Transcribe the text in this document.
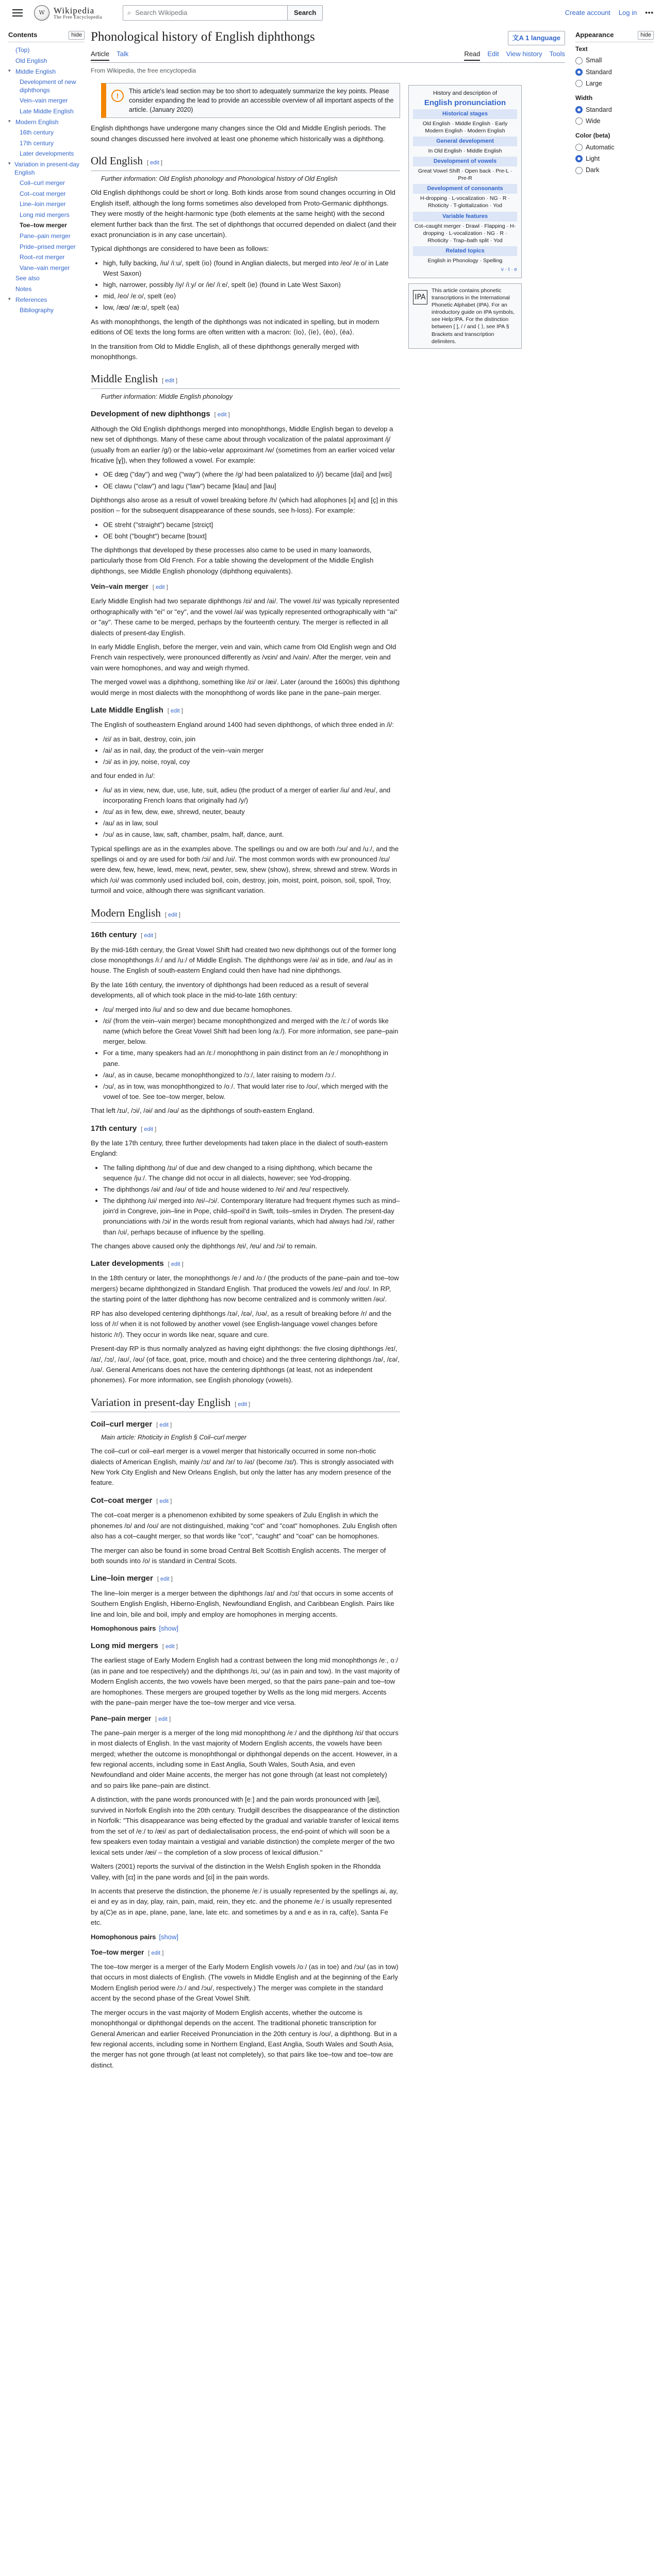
W	Wikipedia
The Free Encyclopedia
⌕ Search Wikipedia	Search	Create account Log in •••
Contents	hide
(Top)
Old English
▾ Middle English
Development of new diphthongs
Vein–vain merger
Late Middle English
▾ Modern English
16th century
17th century
Later developments
▾ Variation in present-day English
Coil–curl merger
Cot–coat merger
Line–loin merger
Long mid mergers
Toe–tow merger
Pane–pain merger
Pride–prised merger
Root–rot merger
Vane–vain merger
See also
Notes
▾ References
Bibliography
Phonological history of English diphthongs	文A 1 language
Article Talk	Read Edit View history Tools
From Wikipedia, the free encyclopedia
!
This article's lead section may be too short to adequately summarize the key points. Please consider expanding the lead to provide an accessible overview of all important aspects of the article. (January 2020)

English diphthongs have undergone many changes since the Old and Middle English periods. The sound changes discussed here involved at least one phoneme which historically was a diphthong.

Old English [ edit ]
Further information: Old English phonology and Phonological history of Old English

Old English diphthongs could be short or long. Both kinds arose from sound changes occurring in Old English itself, although the long forms sometimes also developed from Proto-Germanic diphthongs. They were mostly of the height-harmonic type (both elements at the same height) with the second element further back than the first. The set of diphthongs that occurred depended on dialect (and their exact pronunciation is in any case uncertain).

Typical diphthongs are considered to have been as follows:

• high, fully backing, /iu/ /iːu/, spelt ⟨io⟩ (found in Anglian dialects, but merged into /eo/ /eːo/ in Late West Saxon)
• high, narrower, possibly /iy/ /iːy/ or /ie/ /iːe/, spelt ⟨ie⟩ (found in Late West Saxon)
• mid, /eo/ /eːo/, spelt ⟨eo⟩
• low, /æɑ/ /æːɑ/, spelt ⟨ea⟩

As with monophthongs, the length of the diphthongs was not indicated in spelling, but in modern editions of OE texts the long forms are often written with a macron: ⟨īo⟩, ⟨īe⟩, ⟨ēo⟩, ⟨ēa⟩.

In the transition from Old to Middle English, all of these diphthongs generally merged with monophthongs.

Middle English [ edit ]
Further information: Middle English phonology
Development of new diphthongs [ edit ]

Although the Old English diphthongs merged into monophthongs, Middle English began to develop a new set of diphthongs. Many of these came about through vocalization of the palatal approximant /j/ (usually from an earlier /ɡ/) or the labio-velar approximant /w/ (sometimes from an earlier voiced velar fricative [ɣ]), when they followed a vowel. For example:

• OE dæɡ ("day") and weɡ ("way") (where the /ɡ/ had been palatalized to /j/) became [dai] and [wɛi]
• OE clawu ("claw") and laɡu ("law") became [klau] and [lau]

Diphthongs also arose as a result of vowel breaking before /h/ (which had allophones [x] and [ç] in this position – for the subsequent disappearance of these sounds, see h-loss). For example:

• OE streht ("straight") became [strɛiçt]
• OE boht ("bought") became [bɔuxt]

The diphthongs that developed by these processes also came to be used in many loanwords, particularly those from Old French. For a table showing the development of the Middle English diphthongs, see Middle English phonology (diphthong equivalents).

Vein–vain merger [ edit ]

Early Middle English had two separate diphthongs /ɛi/ and /ai/. The vowel /ɛi/ was typically represented orthographically with "ei" or "ey", and the vowel /ai/ was typically represented orthographically with "ai" or "ay". These came to be merged, perhaps by the fourteenth century. The merger is reflected in all dialects of present-day English.

In early Middle English, before the merger, vein and vain, which came from Old English wegn and Old French vain respectively, were pronounced differently as /vɛin/ and /vain/. After the merger, vein and vain were homophones, and way and weigh rhymed.

The merged vowel was a diphthong, something like /ɛi/ or /æi/. Later (around the 1600s) this diphthong would merge in most dialects with the monophthong of words like pane in the pane–pain merger.

Late Middle English [ edit ]

The English of southeastern England around 1400 had seven diphthongs, of which three ended in /i/:

• /ɛi/ as in bait, destroy, coin, join
• /ai/ as in nail, day, the product of the vein–vain merger
• /ɔi/ as in joy, noise, royal, coy

and four ended in /u/:

• /iu/ as in view, new, due, use, lute, suit, adieu (the product of a merger of earlier /iu/ and /eu/, and incorporating French loans that originally had /y/)
• /ɛu/ as in few, dew, ewe, shrewd, neuter, beauty
• /au/ as in law, soul
• /ɔu/ as in cause, law, saft, chamber, psalm, half, dance, aunt.

Typical spellings are as in the examples above. The spellings ou and ow are both /ɔu/ and /uː/, and the spellings oi and oy are used for both /ɔi/ and /ʊi/. The most common words with ew pronounced /ɛu/ were dew, few, hewe, lewd, mew, newt, pewter, sew, shew (show), shrew, shrewd and strew. Words in which /ʊi/ was commonly used included boil, coin, destroy, join, moist, point, poison, soil, spoil, Troy, turmoil and voice, although there was significant variation.

Modern English [ edit ]
16th century [ edit ]

By the mid-16th century, the Great Vowel Shift had created two new diphthongs out of the former long close monophthongs /iː/ and /uː/ of Middle English. The diphthongs were /əi/ as in tide, and /əu/ as in house. The English of south-eastern England could then have had nine diphthongs.

By the late 16th century, the inventory of diphthongs had been reduced as a result of several developments, all of which took place in the mid-to-late 16th century:

• /ɛu/ merged into /iu/ and so dew and due became homophones.
• /ɛi/ (from the vein–vain merger) became monophthongized and merged with the /ɛː/ of words like name (which before the Great Vowel Shift had been long /aː/). For more information, see pane–pain merger, below.
• For a time, many speakers had an /ɛː/ monophthong in pain distinct from an /eː/ monophthong in pane.
• /au/, as in cause, became monophthongized to /ɔː/, later raising to modern /ɔː/.
• /ɔu/, as in tow, was monophthongized to /oː/. That would later rise to /oʊ/, which merged with the vowel of toe. See toe–tow merger, below.

That left /ɪu/, /ɔi/, /əi/ and /əu/ as the diphthongs of south-eastern England.

17th century [ edit ]

By the late 17th century, three further developments had taken place in the dialect of south-eastern England:

• The falling diphthong /ɪu/ of due and dew changed to a rising diphthong, which became the sequence /juː/. The change did not occur in all dialects, however; see Yod-dropping.
• The diphthongs /əi/ and /əu/ of tide and house widened to /ɐi/ and /ɐu/ respectively.
• The diphthong /ʊi/ merged into /ɐi/–/ɔi/. Contemporary literature had frequent rhymes such as mind–join'd in Congreve, join–line in Pope, child–spoil'd in Swift, toils–smiles in Dryden. The present-day pronunciations with /ɔi/ in the words result from regional variants, which had always had /ɔi/, rather than /ʊi/, perhaps because of influence by the spelling.

The changes above caused only the diphthongs /ɐi/, /ɐu/ and /ɔi/ to remain.

Later developments [ edit ]

In the 18th century or later, the monophthongs /eː/ and /oː/ (the products of the pane–pain and toe–tow mergers) became diphthongized in Standard English. That produced the vowels /eɪ/ and /oʊ/. In RP, the starting point of the latter diphthong has now become centralized and is commonly written /əʊ/.

RP has also developed centering diphthongs /ɪə/, /ɛə/, /ʊə/, as a result of breaking before /r/ and the loss of /r/ when it is not followed by another vowel (see English-language vowel changes before historic /r/). They occur in words like near, square and cure.

Present-day RP is thus normally analyzed as having eight diphthongs: the five closing diphthongs /eɪ/, /aɪ/, /ɔɪ/, /aʊ/, /əʊ/ (of face, goat, price, mouth and choice) and the three centering diphthongs /ɪə/, /ɛə/, /ʊə/. General Americans does not have the centering diphthongs (at least, not as independent phonemes). For more information, see English phonology (vowels).

Variation in present-day English [ edit ]
Coil–curl merger [ edit ]
Main article: Rhoticity in English § Coil–curl merger

The coil–curl or coil–earl merger is a vowel merger that historically occurred in some non-rhotic dialects of American English, mainly /ɔɪ/ and /ɜr/ to /əɪ/ (become /ɜɪ/). This is strongly associated with New York City English and New Orleans English, but only the latter has any modern presence of the feature.

Cot–coat merger [ edit ]

The cot–coat merger is a phenomenon exhibited by some speakers of Zulu English in which the phonemes /ɒ/ and /oʊ/ are not distinguished, making "cot" and "coat" homophones. Zulu English often also has a cot–caught merger, so that words like "cot", "caught" and "coat" can be homophones.

The merger can also be found in some broad Central Belt Scottish English accents. The merger of both sounds into /o/ is standard in Central Scots.

Line–loin merger [ edit ]

The line–loin merger is a merger between the diphthongs /aɪ/ and /ɔɪ/ that occurs in some accents of Southern English English, Hiberno-English, Newfoundland English, and Caribbean English. Pairs like line and loin, bile and boil, imply and employ are homophones in merging accents.

Homophonous pairs [show]
Long mid mergers [ edit ]

The earliest stage of Early Modern English had a contrast between the long mid monophthongs /eː, oː/ (as in pane and toe respectively) and the diphthongs /ɛi, ɔu/ (as in pain and tow). In the vast majority of Modern English accents, the two vowels have been merged, so that the pairs pane–pain and toe–tow are homophones. These mergers are grouped together by Wells as the long mid mergers. Accents with the pane–pain merger have the toe–tow merger and vice versa.

Pane–pain merger [ edit ]

The pane–pain merger is a merger of the long mid monophthong /eː/ and the diphthong /ɛi/ that occurs in most dialects of English. In the vast majority of Modern English accents, the vowels have been merged; whether the outcome is monophthongal or diphthongal depends on the accent. However, in a few regional accents, including some in East Anglia, South Wales, South Asia, and even Newfoundland and older Maine accents, the merger has not gone through (at least not completely) and so pairs like pane–pain are distinct.

A distinction, with the pane words pronounced with [eː] and the pain words pronounced with [æi], survived in Norfolk English into the 20th century. Trudgill describes the disappearance of the distinction in Norfolk: "This disappearance was being effected by the gradual and variable transfer of lexical items from the set of /eː/ to /æi/ as part of dedialectalisation process, the end-point of which will soon be a few speakers even today maintain a vestigial and variable distinction) the complete merger of the two lexical sets under /æi/ – the completion of a slow process of lexical diffusion."

Walters (2001) reports the survival of the distinction in the Welsh English spoken in the Rhondda Valley, with [ɛɪ] in the pane words and [ɛi] in the pain words.

In accents that preserve the distinction, the phoneme /eː/ is usually represented by the spellings ai, ay, ei and ey as in day, play, rain, pain, maid, rein, they etc. and the phoneme /eː/ is usually represented by a(C)e as in ape, plane, pane, lane, late etc. and sometimes by a and e as in ra, caf(e), Santa Fe etc.

Homophonous pairs [show]
Toe–tow merger [ edit ]

The toe–tow merger is a merger of the Early Modern English vowels /oː/ (as in toe) and /ɔu/ (as in tow) that occurs in most dialects of English. (The vowels in Middle English and at the beginning of the Early Modern English period were /ɔː/ and /ɔu/, respectively.) The merger was complete in the standard accent by the second phase of the Great Vowel Shift.

The merger occurs in the vast majority of Modern English accents, whether the outcome is monophthongal or diphthongal depends on the accent. The traditional phonetic transcription for General American and earlier Received Pronunciation in the 20th century is /oʊ/, a diphthong. But in a few regional accents, including some in Northern England, East Anglia, South Wales and South Asia, the merger has not gone through (at least not completely), so that pairs like toe–tow and toe–tow are distinct.

History and description of
English pronunciation
Historical stages
Old English · Middle English · Early Modern English · Modern English
General development
In Old English · Middle English
Development of vowels
Great Vowel Shift · Open back · Pre-L · Pre-R
Development of consonants
H-dropping · L-vocalization · NG · R · Rhoticity · T-glottalization · Yod
Variable features
Cot–caught merger · Drawl · Flapping · H-dropping · L-vocalization · NG · R · Rhoticity · Trap–bath split · Yod
Related topics
English in Phonology · Spelling
v · t · e
IPA
This article contains phonetic transcriptions in the International Phonetic Alphabet (IPA). For an introductory guide on IPA symbols, see Help:IPA. For the distinction between [ ], / / and ⟨ ⟩, see IPA § Brackets and transcription delimiters.
Appearance	hide
Text
Small
Standard
Large
Width
Standard
Wide
Color (beta)
Automatic
Light
Dark
